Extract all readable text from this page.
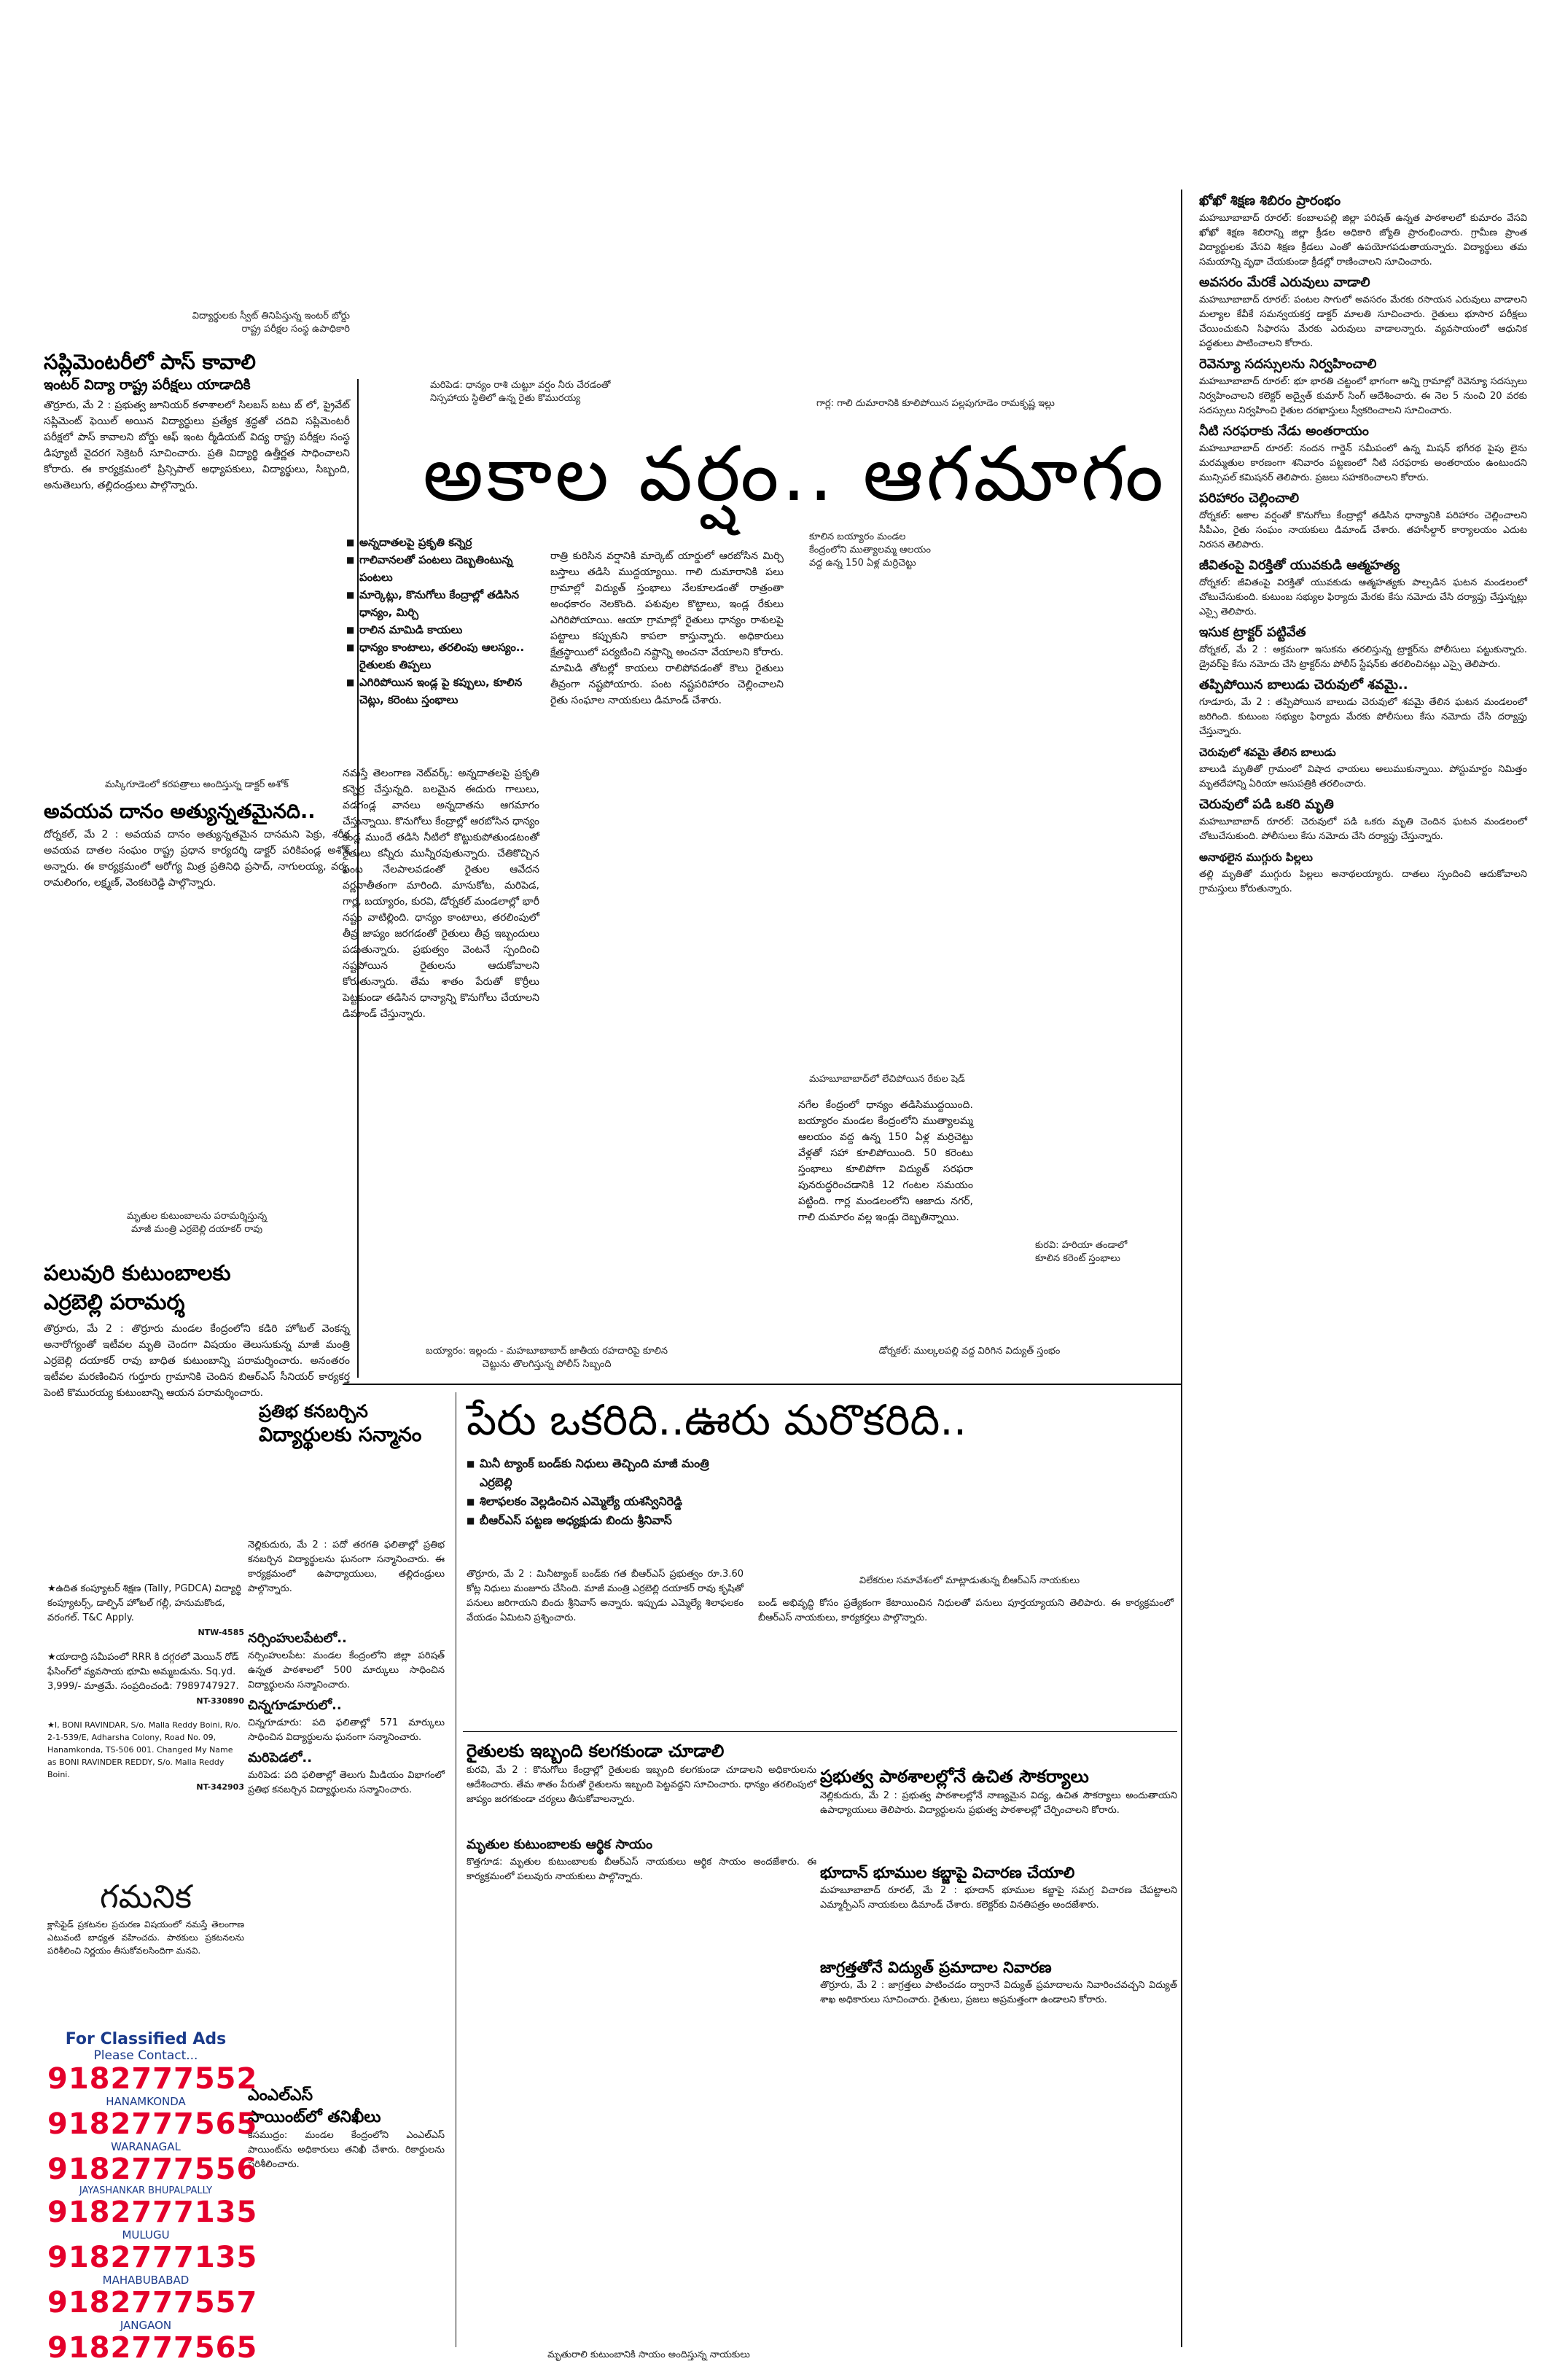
విద్యార్థులకు స్వీట్ తినిపిస్తున్న ఇంటర్ బోర్డు
రాష్ట్ర పరీక్షల సంస్థ ఉపాధికారి
సప్లిమెంటరీలో పాస్ కావాలి
ఇంటర్ విద్యా రాష్ట్ర పరీక్షలు యాడాదికి
తొర్రూరు, మే 2 : ప్రభుత్వ జూనియర్ కళాశాలలో సిలబస్ బటు బ్ లో, ప్రైవేట్ సప్లిమెంట్ ఫెయిల్ అయిన విద్యార్థులు ప్రత్యేక శ్రద్ధతో చదివి సప్లిమెంటరీ పరీక్షలో పాస్ కావాలని బోర్డు ఆఫ్ ఇంట ర్మీడియట్ విద్య రాష్ట్ర పరీక్షల సంస్థ డిప్యూటీ వైదరగ సెక్రెటరీ సూచించారు. ప్రతి విద్యార్థి ఉత్తీర్ణత సాధించాలని కోరారు. ఈ కార్యక్రమంలో ప్రిన్సిపాల్ అధ్యాపకులు, విద్యార్థులు, సిబ్బంది, అనుతెలుగు, తల్లిదండ్రులు పాల్గొన్నారు.
మస్కిగూడెంలో కరపత్రాలు అందిస్తున్న డాక్టర్ అశోక్
అవయవ దానం అత్యున్నతమైనది..
దోర్నకల్, మే 2 : అవయవ దానం అత్యున్నతమైన దానమని పెక్రు, శరీర అవయవ దాతల సంఘం రాష్ట్ర ప్రధాన కార్యదర్శి డాక్టర్ పరికిపండ్ల అశోక్ అన్నారు. ఈ కార్యక్రమంలో ఆరోగ్య మిత్ర ప్రతినిధి ప్రసాద్, నాగులయ్య, వర్మ, రామలింగం, లక్ష్మణ్, వెంకటరెడ్డి పాల్గొన్నారు.
మృతుల కుటుంబాలను పరామర్శిస్తున్న
మాజీ మంత్రి ఎర్రబెల్లి దయాకర్ రావు
పలువురి కుటుంబాలకు
ఎర్రబెల్లి పరామర్శ
తొర్రూరు, మే 2 : తొర్రూరు మండల కేంద్రంలోని కడిరి హోటల్ వెంకన్న అనారోగ్యంతో ఇటీవల మృతి చెందగా విషయం తెలుసుకున్న మాజీ మంత్రి ఎర్రబెల్లి దయాకర్ రావు బాధిత కుటుంబాన్ని పరామర్శించారు. అనంతరం ఇటీవల మరణించిన గుర్తూరు గ్రామానికి చెందిన బిఆర్ఎస్ సీనియర్ కార్యకర్త పెంటి కొమురయ్య కుటుంబాన్ని ఆయన పరామర్శించారు.
మరిపెడ: ధాన్యం రాశి చుట్టూ వర్షం నీరు చేరడంతో
నిస్సహాయ స్థితిలో ఉన్న రైతు కొమురయ్య	గార్ల: గాలి దుమారానికి కూలిపోయిన పల్లపుగూడెం రామకృష్ణ ఇల్లు
అకాల వర్షం.. ఆగమాగం
■ అన్నదాతలపై ప్రకృతి కన్నెర్ర
■ గాలివానలతో పంటలు దెబ్బతింటున్న పంటలు
■ మార్కెట్లు, కొనుగోలు కేంద్రాల్లో తడిసిన ధాన్యం, మిర్చి
■ రాలిన మామిడి కాయలు
■ ధాన్యం కాంటాలు, తరలింపు ఆలస్యం.. రైతులకు తిప్పలు
■ ఎగిరిపోయిన ఇండ్ల పై కప్పులు, కూలిన చెట్లు, కరెంటు స్తంభాలు
కూలిన బయ్యారం మండల
కేంద్రంలోని ముత్యాలమ్మ ఆలయం
వద్ద ఉన్న 150 ఏళ్ల మర్రిచెట్టు
నమస్తే తెలంగాణ నెట్‌వర్క్: అన్నదాతలపై ప్రకృతి కన్నెర్ర చేస్తున్నది. బలమైన ఈదురు గాలులు, వడగండ్ల వానలు అన్నదాతను ఆగమాగం చేస్తున్నాయి. కొనుగోలు కేంద్రాల్లో ఆరబోసిన ధాన్యం కండ్ల ముందే తడిసి నీటిలో కొట్టుకుపోతుండటంతో రైతులు కన్నీరు మున్నీరవుతున్నారు. చేతికొచ్చిన పంట నేలపాలవడంతో రైతుల ఆవేదన వర్ణనాతీతంగా మారింది. మానుకోట, మరిపెడ, గార్ల, బయ్యారం, కురవి, డోర్నకల్ మండలాల్లో భారీ నష్టం వాటిల్లింది. ధాన్యం కాంటాలు, తరలింపులో తీవ్ర జాప్యం జరగడంతో రైతులు తీవ్ర ఇబ్బందులు పడుతున్నారు. ప్రభుత్వం వెంటనే స్పందించి నష్టపోయిన రైతులను ఆదుకోవాలని కోరుతున్నారు. తేమ శాతం పేరుతో కొర్రీలు పెట్టకుండా తడిసిన ధాన్యాన్ని కొనుగోలు చేయాలని డిమాండ్ చేస్తున్నారు.
రాత్రి కురిసిన వర్షానికి మార్కెట్ యార్డులో ఆరబోసిన మిర్చి బస్తాలు తడిసి ముద్దయ్యాయి. గాలి దుమారానికి పలు గ్రామాల్లో విద్యుత్ స్తంభాలు నేలకూలడంతో రాత్రంతా అంధకారం నెలకొంది. పశువుల కొట్టాలు, ఇండ్ల రేకులు ఎగిరిపోయాయి. ఆయా గ్రామాల్లో రైతులు ధాన్యం రాశులపై పట్టాలు కప్పుకుని కాపలా కాస్తున్నారు. అధికారులు క్షేత్రస్థాయిలో పర్యటించి నష్టాన్ని అంచనా వేయాలని కోరారు. మామిడి తోటల్లో కాయలు రాలిపోవడంతో కౌలు రైతులు తీవ్రంగా నష్టపోయారు. పంట నష్టపరిహారం చెల్లించాలని రైతు సంఘాల నాయకులు డిమాండ్ చేశారు.
మహబూబాబాద్‌లో లేచిపోయిన రేకుల షెడ్
నగేల కేంద్రంలో ధాన్యం తడిసిముద్దయింది. బయ్యారం మండల కేంద్రంలోని ముత్యాలమ్మ ఆలయం వద్ద ఉన్న 150 ఏళ్ల మర్రిచెట్టు వేళ్లతో సహా కూలిపోయింది. 50 కరెంటు స్తంభాలు కూలిపోగా విద్యుత్ సరఫరా పునరుద్ధరించడానికి 12 గంటల సమయం పట్టింది. గార్ల మండలంలోని ఆజాదు నగర్, గాలి దుమారం వల్ల ఇండ్లు దెబ్బతిన్నాయి.
కురవి: హరియా తండాలో
కూలిన కరెంట్ స్తంభాలు
బయ్యారం: ఇల్లందు - మహబూబాబాద్ జాతీయ రహదారిపై కూలిన
చెట్టును తొలగిస్తున్న పోలీస్ సిబ్బంది
డోర్నకల్: ముల్కలపల్లి వద్ద విరిగిన విద్యుత్ స్తంభం
ఖోఖో శిక్షణ శిబిరం ప్రారంభం
మహబూబాబాద్ రూరల్: కంబాలపల్లి జిల్లా పరిషత్ ఉన్నత పాఠశాలలో కుమారం వేసవి ఖోఖో శిక్షణ శిబిరాన్ని జిల్లా క్రీడల అధికారి జ్యోతి ప్రారంభించారు. గ్రామీణ ప్రాంత విద్యార్థులకు వేసవి శిక్షణ క్రీడలు ఎంతో ఉపయోగపడుతాయన్నారు. విద్యార్థులు తమ సమయాన్ని వృథా చేయకుండా క్రీడల్లో రాణించాలని సూచించారు.
అవసరం మేరకే ఎరువులు వాడాలి
మహబూబాబాద్ రూరల్: పంటల సాగులో అవసరం మేరకు రసాయన ఎరువులు వాడాలని మల్యాల కేవీకే సమన్వయకర్త డాక్టర్ మాలతి సూచించారు. రైతులు భూసార పరీక్షలు చేయించుకుని సిఫారసు మేరకు ఎరువులు వాడాలన్నారు. వ్యవసాయంలో ఆధునిక పద్ధతులు పాటించాలని కోరారు.
రెవెన్యూ సదస్సులను నిర్వహించాలి
మహబూబాబాద్ రూరల్: భూ భారతి చట్టంలో భాగంగా అన్ని గ్రామాల్లో రెవెన్యూ సదస్సులు నిర్వహించాలని కలెక్టర్ అద్వైత్ కుమార్ సింగ్ ఆదేశించారు. ఈ నెల 5 నుంచి 20 వరకు సదస్సులు నిర్వహించి రైతుల దరఖాస్తులు స్వీకరించాలని సూచించారు.
నీటి సరఫరాకు నేడు అంతరాయం
మహబూబాబాద్ రూరల్: నందన గార్డెన్ సమీపంలో ఉన్న మిషన్ భగీరథ పైపు లైను మరమ్మతుల కారణంగా శనివారం పట్టణంలో నీటి సరఫరాకు అంతరాయం ఉంటుందని మున్సిపల్ కమిషనర్ తెలిపారు. ప్రజలు సహకరించాలని కోరారు.
పరిహారం చెల్లించాలి
దోర్నకల్: అకాల వర్షంతో కొనుగోలు కేంద్రాల్లో తడిసిన ధాన్యానికి పరిహారం చెల్లించాలని సీపీఎం, రైతు సంఘం నాయకులు డిమాండ్ చేశారు. తహసీల్దార్ కార్యాలయం ఎదుట నిరసన తెలిపారు.
జీవితంపై విరక్తితో యువకుడి ఆత్మహత్య
దోర్నకల్: జీవితంపై విరక్తితో యువకుడు ఆత్మహత్యకు పాల్పడిన ఘటన మండలంలో చోటుచేసుకుంది. కుటుంబ సభ్యుల ఫిర్యాదు మేరకు కేసు నమోదు చేసి దర్యాప్తు చేస్తున్నట్లు ఎస్సై తెలిపారు.
ఇసుక ట్రాక్టర్ పట్టివేత
దోర్నకల్, మే 2 : అక్రమంగా ఇసుకను తరలిస్తున్న ట్రాక్టర్‌ను పోలీసులు పట్టుకున్నారు. డ్రైవర్‌పై కేసు నమోదు చేసి ట్రాక్టర్‌ను పోలీస్ స్టేషన్‌కు తరలించినట్లు ఎస్సై తెలిపారు.
తప్పిపోయిన బాలుడు చెరువులో శవమై..
గూడూరు, మే 2 : తప్పిపోయిన బాలుడు చెరువులో శవమై తేలిన ఘటన మండలంలో జరిగింది. కుటుంబ సభ్యుల ఫిర్యాదు మేరకు పోలీసులు కేసు నమోదు చేసి దర్యాప్తు చేస్తున్నారు.
చెరువులో శవమై తేలిన బాలుడు
బాలుడి మృతితో గ్రామంలో విషాద ఛాయలు అలుముకున్నాయి. పోస్టుమార్టం నిమిత్తం మృతదేహాన్ని ఏరియా ఆసుపత్రికి తరలించారు.
చెరువులో పడి ఒకరి మృతి
మహబూబాబాద్ రూరల్: చెరువులో పడి ఒకరు మృతి చెందిన ఘటన మండలంలో చోటుచేసుకుంది. పోలీసులు కేసు నమోదు చేసి దర్యాప్తు చేస్తున్నారు.
అనాథలైన ముగ్గురు పిల్లలు
తల్లి మృతితో ముగ్గురు పిల్లలు అనాథలయ్యారు. దాతలు స్పందించి ఆదుకోవాలని గ్రామస్తులు కోరుతున్నారు.
ప్రతిభ కనబర్చిన
విద్యార్థులకు సన్మానం
నెల్లికుదురు, మే 2 : పదో తరగతి ఫలితాల్లో ప్రతిభ కనబర్చిన విద్యార్థులను ఘనంగా సన్మానించారు. ఈ కార్యక్రమంలో ఉపాధ్యాయులు, తల్లిదండ్రులు పాల్గొన్నారు.
నర్సింహులపేటలో..
నర్సింహులపేట: మండల కేంద్రంలోని జిల్లా పరిషత్ ఉన్నత పాఠశాలలో 500 మార్కులు సాధించిన విద్యార్థులను సన్మానించారు.
చిన్నగూడూరులో..
చిన్నగూడూరు: పది ఫలితాల్లో 571 మార్కులు సాధించిన విద్యార్థులను ఘనంగా సన్మానించారు.
మరిపెడలో..
మరిపెడ: పది ఫలితాల్లో తెలుగు మీడియం విభాగంలో ప్రతిభ కనబర్చిన విద్యార్థులను సన్మానించారు.
ఎంఎల్ఎస్
పాయింట్‌లో తనిఖీలు
కేసముద్రం: మండల కేంద్రంలోని ఎంఎల్ఎస్ పాయింట్‌ను అధికారులు తనిఖీ చేశారు. రికార్డులను పరిశీలించారు.
పేరు ఒకరిది..ఊరు మరొకరిది..
■ మినీ ట్యాంక్ బండ్‌కు నిధులు తెచ్చింది మాజీ మంత్రి ఎర్రబెల్లి
■ శిలాఫలకం వెల్లడించిన ఎమ్మెల్యే యశస్వినిరెడ్డి
■ బీఆర్ఎస్ పట్టణ అధ్యక్షుడు బిందు శ్రీనివాస్
తొర్రూరు, మే 2 : మినీట్యాంక్ బండ్‌కు గత బీఆర్ఎస్ ప్రభుత్వం రూ.3.60 కోట్ల నిధులు మంజూరు చేసింది. మాజీ మంత్రి ఎర్రబెల్లి దయాకర్ రావు కృషితో పనులు జరిగాయని బిందు శ్రీనివాస్ అన్నారు. ఇప్పుడు ఎమ్మెల్యే శిలాఫలకం వేయడం ఏమిటని ప్రశ్నించారు.
విలేకరుల సమావేశంలో మాట్లాడుతున్న బీఆర్ఎస్ నాయకులు
బండ్ అభివృద్ధి కోసం ప్రత్యేకంగా కేటాయించిన నిధులతో పనులు పూర్తయ్యాయని తెలిపారు. ఈ కార్యక్రమంలో బీఆర్ఎస్ నాయకులు, కార్యకర్తలు పాల్గొన్నారు.
రైతులకు ఇబ్బంది కలగకుండా చూడాలి
కురవి, మే 2 : కొనుగోలు కేంద్రాల్లో రైతులకు ఇబ్బంది కలగకుండా చూడాలని అధికారులను ఆదేశించారు. తేమ శాతం పేరుతో రైతులను ఇబ్బంది పెట్టవద్దని సూచించారు. ధాన్యం తరలింపులో జాప్యం జరగకుండా చర్యలు తీసుకోవాలన్నారు.
మృతుల కుటుంబాలకు ఆర్థిక సాయం
కొత్తగూడ: మృతుల కుటుంబాలకు బీఆర్ఎస్ నాయకులు ఆర్థిక సాయం అందజేశారు. ఈ కార్యక్రమంలో పలువురు నాయకులు పాల్గొన్నారు.
ప్రభుత్వ పాఠశాలల్లోనే ఉచిత సౌకర్యాలు
నెల్లికుదురు, మే 2 : ప్రభుత్వ పాఠశాలల్లోనే నాణ్యమైన విద్య, ఉచిత సౌకర్యాలు అందుతాయని ఉపాధ్యాయులు తెలిపారు. విద్యార్థులను ప్రభుత్వ పాఠశాలల్లో చేర్పించాలని కోరారు.
భూదాన్ భూముల కబ్జాపై విచారణ చేయాలి
మహబూబాబాద్ రూరల్, మే 2 : భూదాన్ భూముల కబ్జాపై సమగ్ర విచారణ చేపట్టాలని ఎమ్మార్పీఎస్ నాయకులు డిమాండ్ చేశారు. కలెక్టర్‌కు వినతిపత్రం అందజేశారు.
జాగ్రత్తతోనే విద్యుత్ ప్రమాదాల నివారణ
తొర్రూరు, మే 2 : జాగ్రత్తలు పాటించడం ద్వారానే విద్యుత్ ప్రమాదాలను నివారించవచ్చని విద్యుత్ శాఖ అధికారులు సూచించారు. రైతులు, ప్రజలు అప్రమత్తంగా ఉండాలని కోరారు.
మృతురాలి కుటుంబానికి సాయం అందిస్తున్న నాయకులు
★ఉదిత కంప్యూటర్ శిక్షణ (Tally, PGDCA) విద్యార్థి కంప్యూటర్స్, డాల్ఫిన్ హోటల్ గల్లీ, హనుమకొండ, వరంగల్. T&C Apply.
NTW-4585
★యాదాద్రి సమీపంలో RRR కి దగ్గరలో మెయిన్ రోడ్ ఫేసింగ్‌లో వ్యవసాయ భూమి అమ్మబడును. Sq.yd. 3,999/- మాత్రమే. సంప్రదించండి: 7989747927.
NT-330890
★I, BONI RAVINDAR, S/o. Malla Reddy Boini, R/o. 2-1-539/E, Adharsha Colony, Road No. 09, Hanamkonda, TS-506 001. Changed My Name as BONI RAVINDER REDDY, S/o. Malla Reddy Boini.
NT-342903
గమనిక
క్లాసిఫైడ్ ప్రకటనల ప్రచురణ విషయంలో నమస్తే తెలంగాణ ఎటువంటి బాధ్యత వహించదు. పాఠకులు ప్రకటనలను పరిశీలించి నిర్ణయం తీసుకోవలసిందిగా మనవి.
For Classified Ads
Please Contact...
9182777552
HANAMKONDA
9182777565
WARANAGAL
9182777556
JAYASHANKAR BHUPALPALLY
9182777135
MULUGU
9182777135
MAHABUBABAD
9182777557
JANGAON
9182777565
